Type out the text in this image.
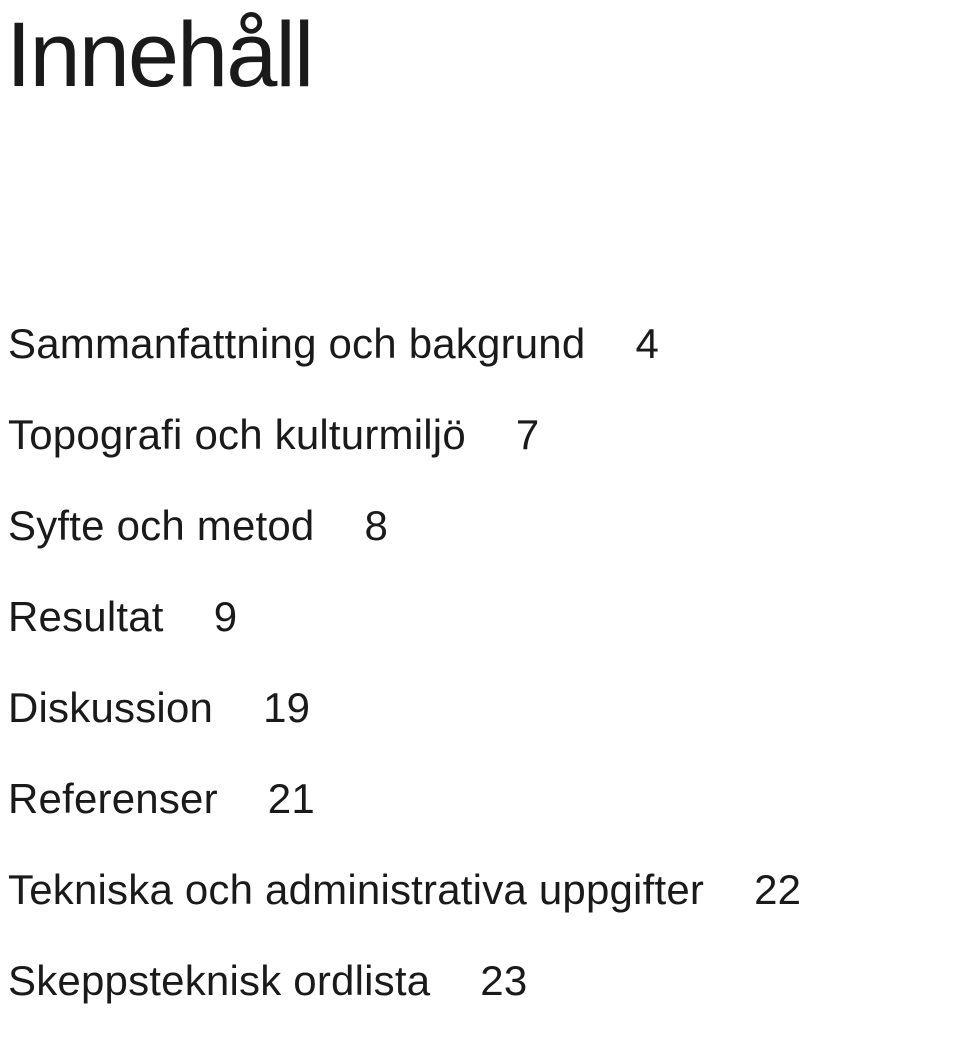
Innehåll
Sammanfattning och bakgrund 4
Topografi och kulturmiljö 7
Syfte och metod 8
Resultat 9
Diskussion 19
Referenser 21
Tekniska och administrativa uppgifter 22
Skeppsteknisk ordlista 23
